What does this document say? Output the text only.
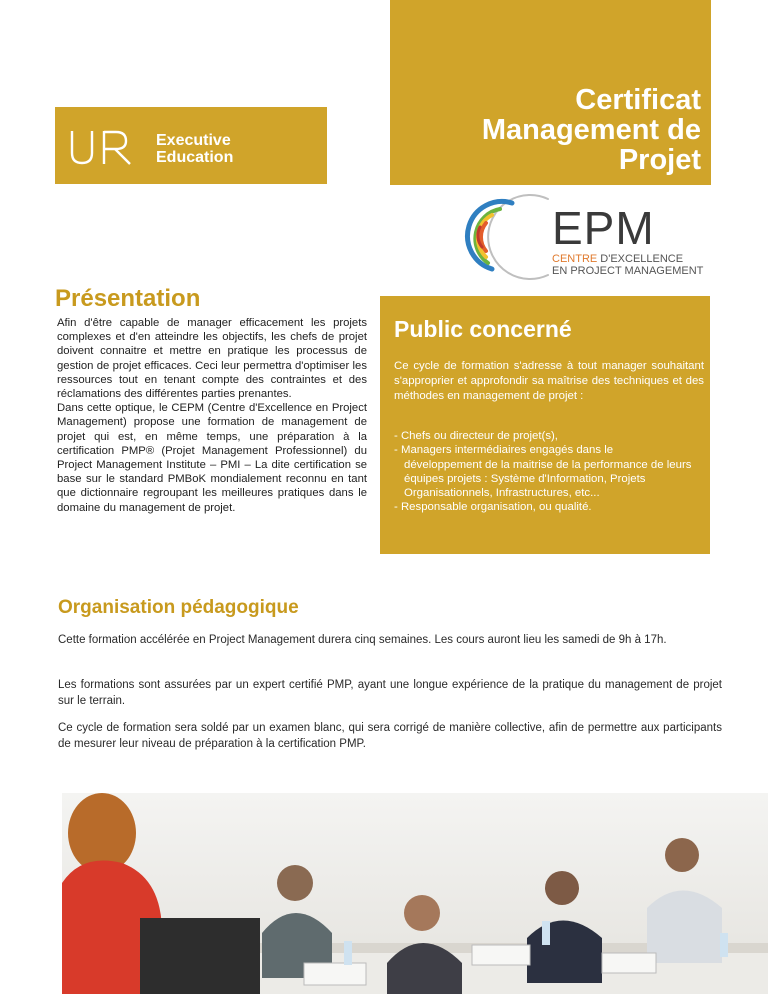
Executive
Education
Certificat
Management de
Projet
EPM
CENTRE D'EXCELLENCE
EN PROJECT MANAGEMENT
Présentation

Afin d'être capable de manager efficacement les projets complexes et d'en atteindre les objectifs, les chefs de projet doivent connaitre et mettre en pratique les processus de gestion de projet efficaces. Ceci leur permettra d'optimiser les ressources tout en tenant compte des contraintes et des réclamations des différentes parties prenantes.

Dans cette optique, le CEPM (Centre d'Excellence en Project Management) propose une formation de management de projet qui est, en même temps, une préparation à la certification PMP® (Projet Management Professionnel) du Project Management Institute – PMI – La dite certification se base sur le standard PMBoK mondialement reconnu en tant que dictionnaire regroupant les meilleures pratiques dans le domaine du management de projet.

Public concerné
Ce cycle de formation s'adresse à tout manager souhaitant s'approprier et approfondir sa maîtrise des techniques et des méthodes en management de projet :
- Chefs ou directeur de projet(s),
- Managers intermédiaires engagés dans le développement de la maitrise de la performance de leurs équipes projets : Système d'Information, Projets Organisationnels, Infrastructures, etc...
- Responsable organisation, ou qualité.
Organisation pédagogique

Cette formation accélérée en Project Management durera cinq semaines. Les cours auront lieu les samedi de 9h à 17h.

Les formations sont assurées par un expert certifié PMP, ayant une longue expérience de la pratique du management de projet sur le terrain.

Ce cycle de formation sera soldé par un examen blanc, qui sera corrigé de manière collective, afin de permettre aux participants de mesurer leur niveau de préparation à la certification PMP.
